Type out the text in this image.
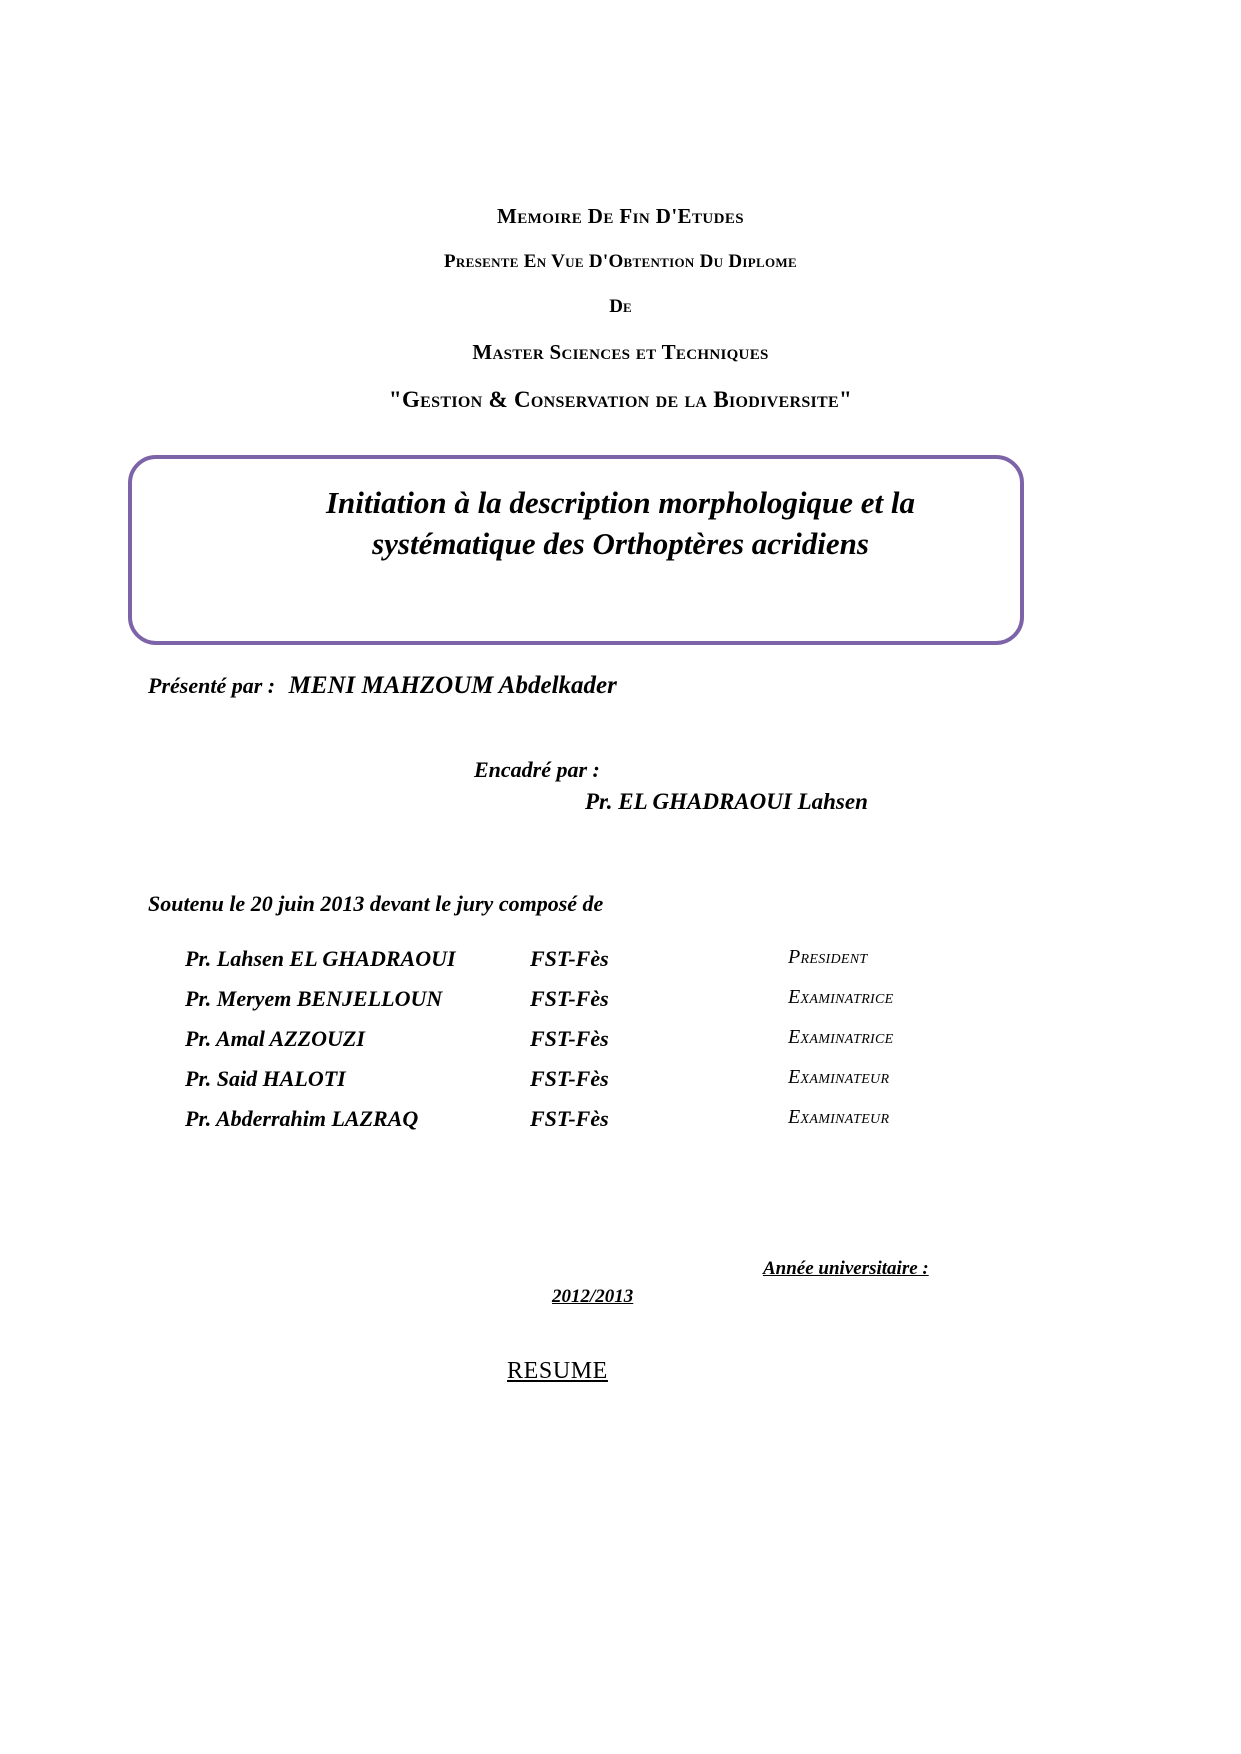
Memoire De Fin D'Etudes
Presente En Vue D'Obtention Du Diplome
De
Master Sciences et Techniques
"Gestion & Conservation de la Biodiversite"
Initiation à la description morphologique et la
systématique des Orthoptères acridiens
Présenté par : MENI MAHZOUM Abdelkader
Encadré par :
Pr. EL GHADRAOUI Lahsen
Soutenu le 20 juin 2013 devant le jury composé de
Pr. Lahsen EL GHADRAOUI	FST-Fès	President
Pr. Meryem BENJELLOUN	FST-Fès	Examinatrice
Pr. Amal AZZOUZI	FST-Fès	Examinatrice
Pr. Said HALOTI	FST-Fès	Examinateur
Pr. Abderrahim LAZRAQ	FST-Fès	Examinateur
Année universitaire :
2012/2013
RESUME
